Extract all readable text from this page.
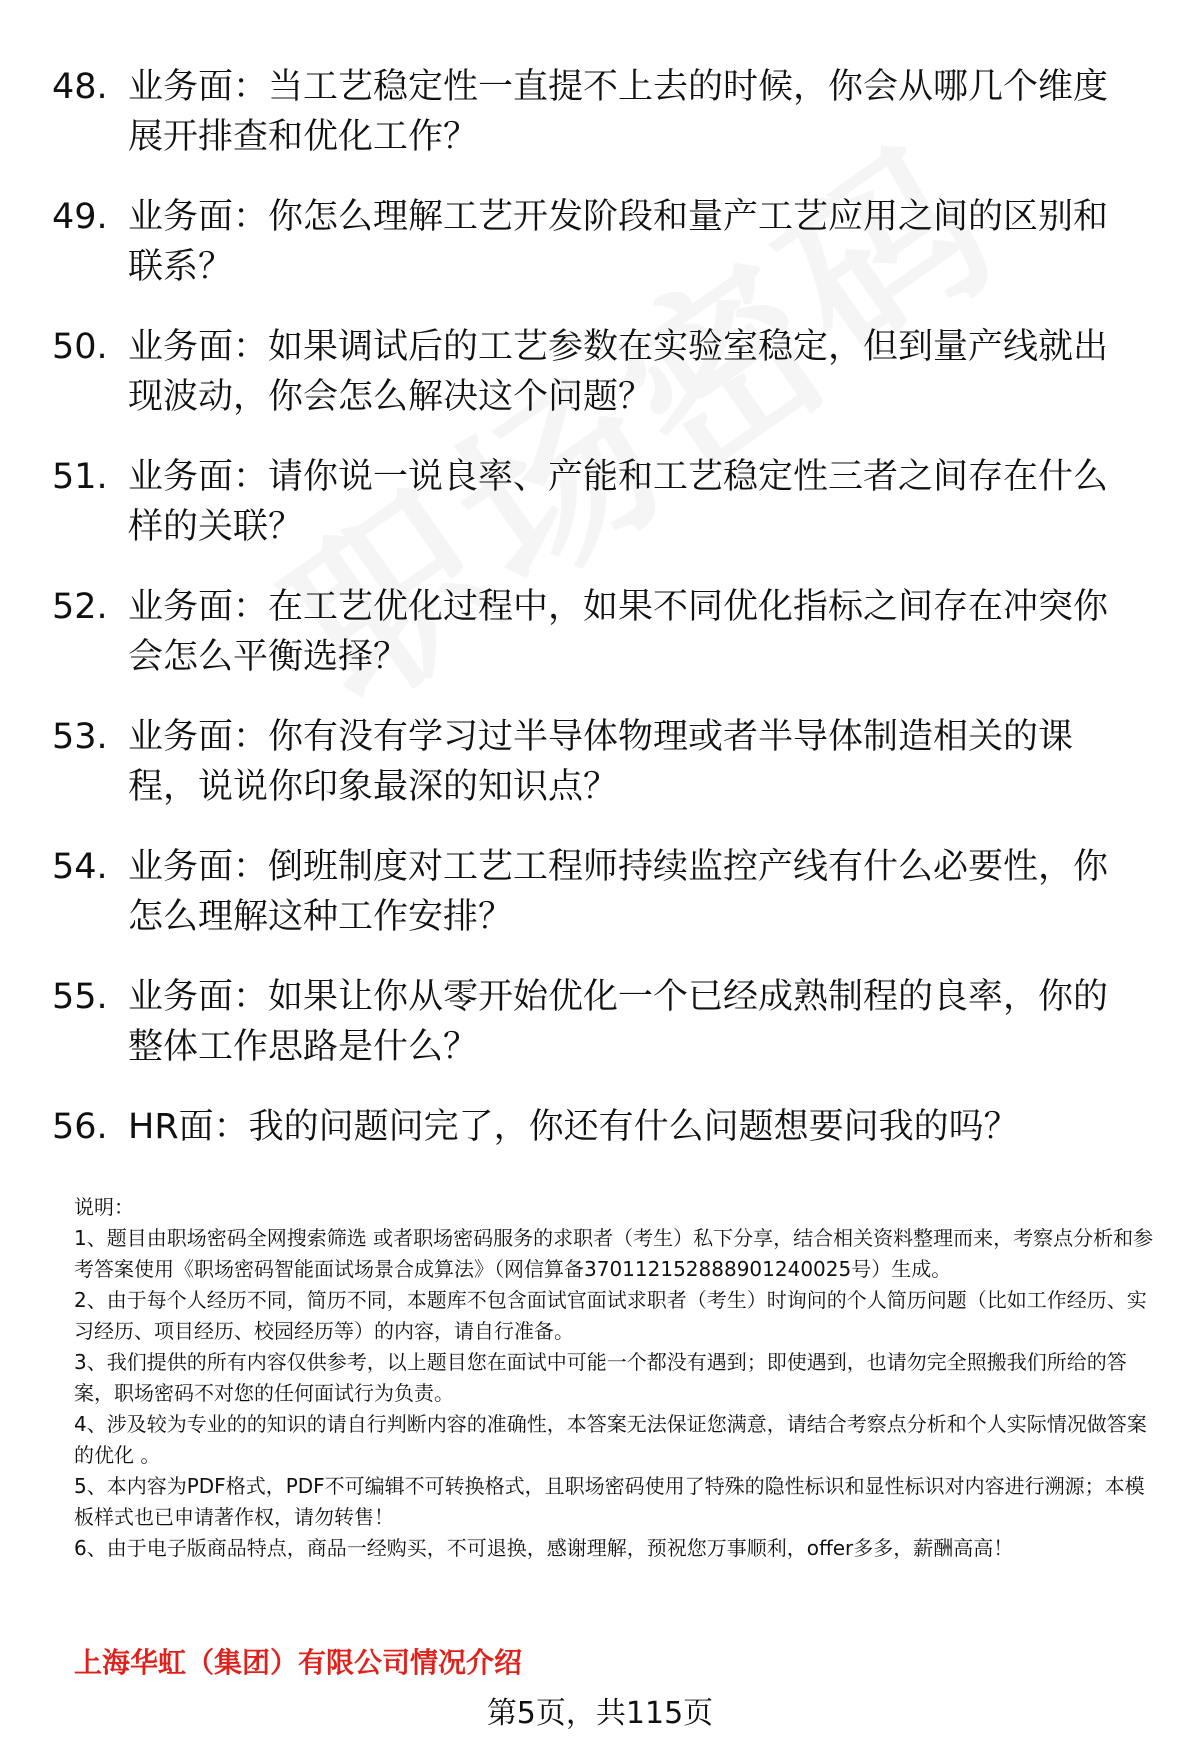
48. 业务面：当工艺稳定性一直提不上去的时候，你会从哪几个维度展开排查和优化工作？
49. 业务面：你怎么理解工艺开发阶段和量产工艺应用之间的区别和联系？
50. 业务面：如果调试后的工艺参数在实验室稳定，但到量产线就出现波动，你会怎么解决这个问题？
51. 业务面：请你说一说良率、产能和工艺稳定性三者之间存在什么样的关联？
52. 业务面：在工艺优化过程中，如果不同优化指标之间存在冲突你会怎么平衡选择？
53. 业务面：你有没有学习过半导体物理或者半导体制造相关的课程，说说你印象最深的知识点？
54. 业务面：倒班制度对工艺工程师持续监控产线有什么必要性，你怎么理解这种工作安排？
55. 业务面：如果让你从零开始优化一个已经成熟制程的良率，你的整体工作思路是什么？
56. HR面：我的问题问完了，你还有什么问题想要问我的吗？

说明：

1、题目由职场密码全网搜索筛选 或者职场密码服务的求职者（考生）私下分享，结合相关资料整理而来，考察点分析和参考答案使用《职场密码智能面试场景合成算法》（网信算备370112152888901240025号）生成。

2、由于每个人经历不同，简历不同，本题库不包含面试官面试求职者（考生）时询问的个人简历问题（比如工作经历、实习经历、项目经历、校园经历等）的内容，请自行准备。

3、我们提供的所有内容仅供参考，以上题目您在面试中可能一个都没有遇到；即使遇到，也请勿完全照搬我们所给的答案，职场密码不对您的任何面试行为负责。

4、涉及较为专业的的知识的请自行判断内容的准确性，本答案无法保证您满意，请结合考察点分析和个人实际情况做答案的优化 。

5、本内容为PDF格式，PDF不可编辑不可转换格式，且职场密码使用了特殊的隐性标识和显性标识对内容进行溯源；本模板样式也已申请著作权，请勿转售！

6、由于电子版商品特点，商品一经购买，不可退换，感谢理解，预祝您万事顺利，offer多多，薪酬高高！

上海华虹（集团）有限公司情况介绍
第5页，共115页
